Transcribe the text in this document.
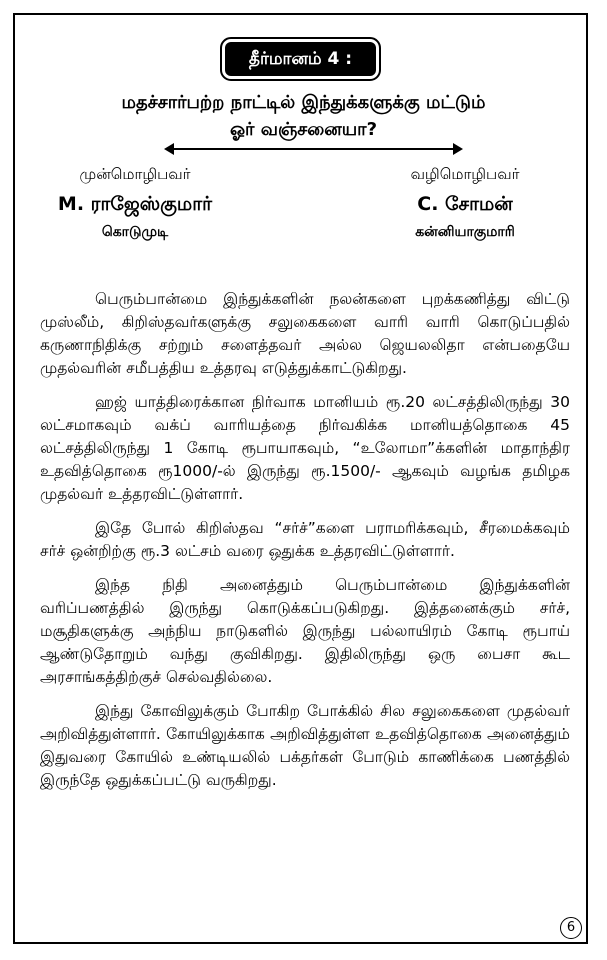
தீர்மானம் 4 :
மதச்சார்பற்ற நாட்டில் இந்துக்களுக்கு மட்டும்
ஓர் வஞ்சனையா?
முன்மொழிபவர்
M. ராஜேஸ்குமார்
கொடுமுடி
வழிமொழிபவர்
C. சோமன்
கன்னியாகுமாரி

பெரும்பான்மை இந்துக்களின் நலன்களை புறக்கணித்து விட்டு முஸ்லீம், கிறிஸ்தவர்களுக்கு சலுகைகளை வாரி வாரி கொடுப்பதில் கருணாநிதிக்கு சற்றும் சளைத்தவர் அல்ல ஜெயலலிதா என்பதையே முதல்வரின் சமீபத்திய உத்தரவு எடுத்துக்காட்டுகிறது.

ஹஜ் யாத்திரைக்கான நிர்வாக மானியம் ரூ.20 லட்சத்திலிருந்து 30 லட்சமாகவும் வக்ப் வாரியத்தை நிர்வகிக்க மானியத்தொகை 45 லட்சத்திலிருந்து 1 கோடி ரூபாயாகவும், “உலோமா”க்களின் மாதாந்திர உதவித்தொகை ரூ1000/-ல் இருந்து ரூ.1500/- ஆகவும் வழங்க தமிழக முதல்வர் உத்தரவிட்டுள்ளார்.

இதே போல் கிறிஸ்தவ “சர்ச்”களை பராமரிக்கவும், சீரமைக்கவும் சர்ச் ஒன்றிற்கு ரூ.3 லட்சம் வரை ஒதுக்க உத்தரவிட்டுள்ளார்.

இந்த நிதி அனைத்தும் பெரும்பான்மை இந்துக்களின் வரிப்பணத்தில் இருந்து கொடுக்கப்படுகிறது. இத்தனைக்கும் சர்ச், மசூதிகளுக்கு அந்நிய நாடுகளில் இருந்து பல்லாயிரம் கோடி ரூபாய் ஆண்டுதோறும் வந்து குவிகிறது. இதிலிருந்து ஒரு பைசா கூட அரசாங்கத்திற்குச் செல்வதில்லை.

இந்து கோவிலுக்கும் போகிற போக்கில் சில சலுகைகளை முதல்வர் அறிவித்துள்ளார். கோயிலுக்காக அறிவித்துள்ள உதவித்தொகை அனைத்தும் இதுவரை கோயில் உண்டியலில் பக்தர்கள் போடும் காணிக்கை பணத்தில் இருந்தே ஒதுக்கப்பட்டு வருகிறது.

6
